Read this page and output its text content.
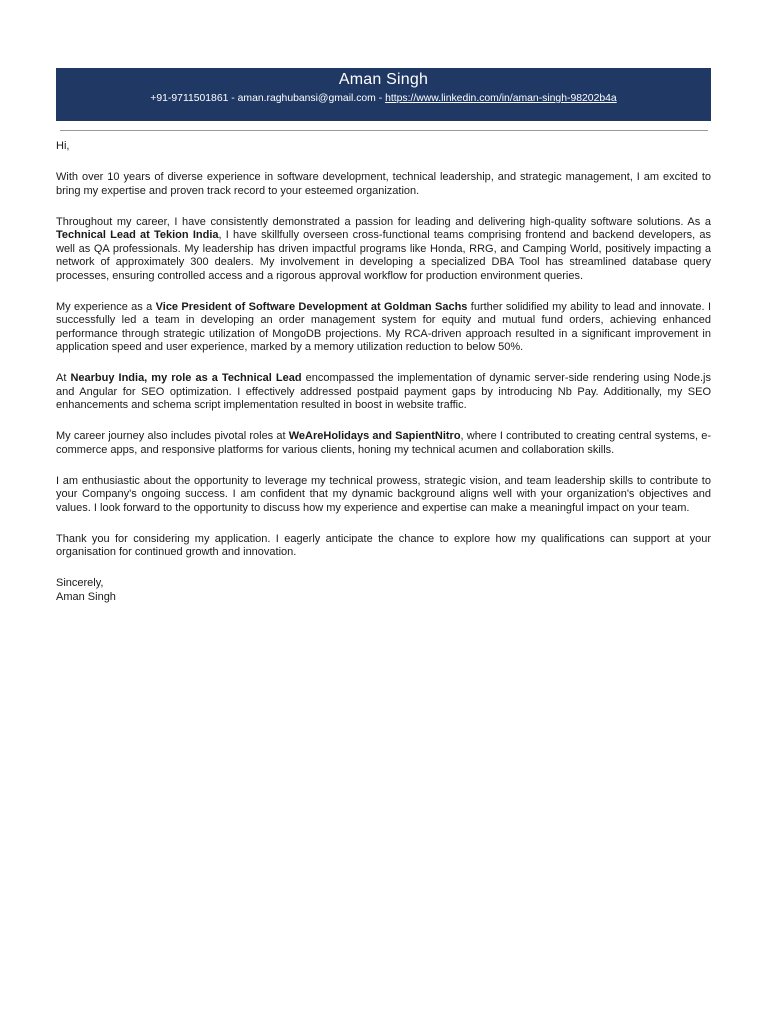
Aman Singh
+91-9711501861 - aman.raghubansi@gmail.com - https://www.linkedin.com/in/aman-singh-98202b4a

Hi,

With over 10 years of diverse experience in software development, technical leadership, and strategic management, I am excited to bring my expertise and proven track record to your esteemed organization.

Throughout my career, I have consistently demonstrated a passion for leading and delivering high-quality software solutions. As a Technical Lead at Tekion India, I have skillfully overseen cross-functional teams comprising frontend and backend developers, as well as QA professionals. My leadership has driven impactful programs like Honda, RRG, and Camping World, positively impacting a network of approximately 300 dealers. My involvement in developing a specialized DBA Tool has streamlined database query processes, ensuring controlled access and a rigorous approval workflow for production environment queries.

My experience as a Vice President of Software Development at Goldman Sachs further solidified my ability to lead and innovate. I successfully led a team in developing an order management system for equity and mutual fund orders, achieving enhanced performance through strategic utilization of MongoDB projections. My RCA-driven approach resulted in a significant improvement in application speed and user experience, marked by a memory utilization reduction to below 50%.

At Nearbuy India, my role as a Technical Lead encompassed the implementation of dynamic server-side rendering using Node.js and Angular for SEO optimization. I effectively addressed postpaid payment gaps by introducing Nb Pay. Additionally, my SEO enhancements and schema script implementation resulted in boost in website traffic.

My career journey also includes pivotal roles at WeAreHolidays and SapientNitro, where I contributed to creating central systems, e-commerce apps, and responsive platforms for various clients, honing my technical acumen and collaboration skills.

I am enthusiastic about the opportunity to leverage my technical prowess, strategic vision, and team leadership skills to contribute to your Company's ongoing success. I am confident that my dynamic background aligns well with your organization's objectives and values. I look forward to the opportunity to discuss how my experience and expertise can make a meaningful impact on your team.

Thank you for considering my application. I eagerly anticipate the chance to explore how my qualifications can support at your organisation for continued growth and innovation.

Sincerely,

Aman Singh
